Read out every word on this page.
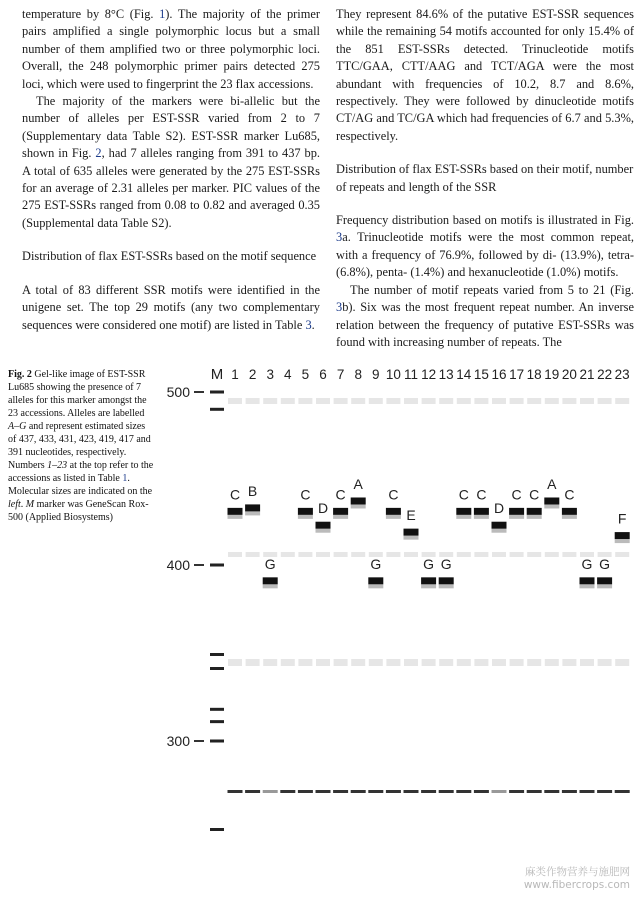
temperature by 8°C (Fig. 1). The majority of the primer pairs amplified a single polymorphic locus but a small number of them amplified two or three polymorphic loci. Overall, the 248 polymorphic primer pairs detected 275 loci, which were used to fingerprint the 23 flax accessions.

The majority of the markers were bi-allelic but the number of alleles per EST-SSR varied from 2 to 7 (Supplementary data Table S2). EST-SSR marker Lu685, shown in Fig. 2, had 7 alleles ranging from 391 to 437 bp. A total of 635 alleles were generated by the 275 EST-SSRs for an average of 2.31 alleles per marker. PIC values of the 275 EST-SSRs ranged from 0.08 to 0.82 and averaged 0.35 (Supplemental data Table S2).

Distribution of flax EST-SSRs based on the motif sequence

A total of 83 different SSR motifs were identified in the unigene set. The top 29 motifs (any two complementary sequences were considered one motif) are listed in Table 3.

They represent 84.6% of the putative EST-SSR sequences while the remaining 54 motifs accounted for only 15.4% of the 851 EST-SSRs detected. Trinucleotide motifs TTC/GAA, CTT/AAG and TCT/AGA were the most abundant with frequencies of 10.2, 8.7 and 8.6%, respectively. They were followed by dinucleotide motifs CT/AG and TC/GA which had frequencies of 6.7 and 5.3%, respectively.

Distribution of flax EST-SSRs based on their motif, number of repeats and length of the SSR

Frequency distribution based on motifs is illustrated in Fig. 3a. Trinucleotide motifs were the most common repeat, with a frequency of 76.9%, followed by di- (13.9%), tetra- (6.8%), penta- (1.4%) and hexanucleotide (1.0%) motifs.

The number of motif repeats varied from 5 to 21 (Fig. 3b). Six was the most frequent repeat number. An inverse relation between the frequency of putative EST-SSRs was found with increasing number of repeats. The

Fig. 2 Gel-like image of EST-SSR Lu685 showing the presence of 7 alleles for this marker amongst the 23 accessions. Alleles are labelled A–G and represent estimated sizes of 437, 433, 431, 423, 419, 417 and 391 nucleotides, respectively. Numbers 1–23 at the top refer to the accessions as listed in Table 1. Molecular sizes are indicated on the left. M marker was GeneScan Rox-500 (Applied Biosystems)
M 1 2 3 4 5 6 7 8 9 10 11 12 13 14 15 16 17 18 19 20 21 22 23
500
400
300
C B
G
C
D
C
A
G
C
E
G G
C C
D
C C
A
C
G G
F
麻类作物营养与施肥网
www.fibercrops.com
